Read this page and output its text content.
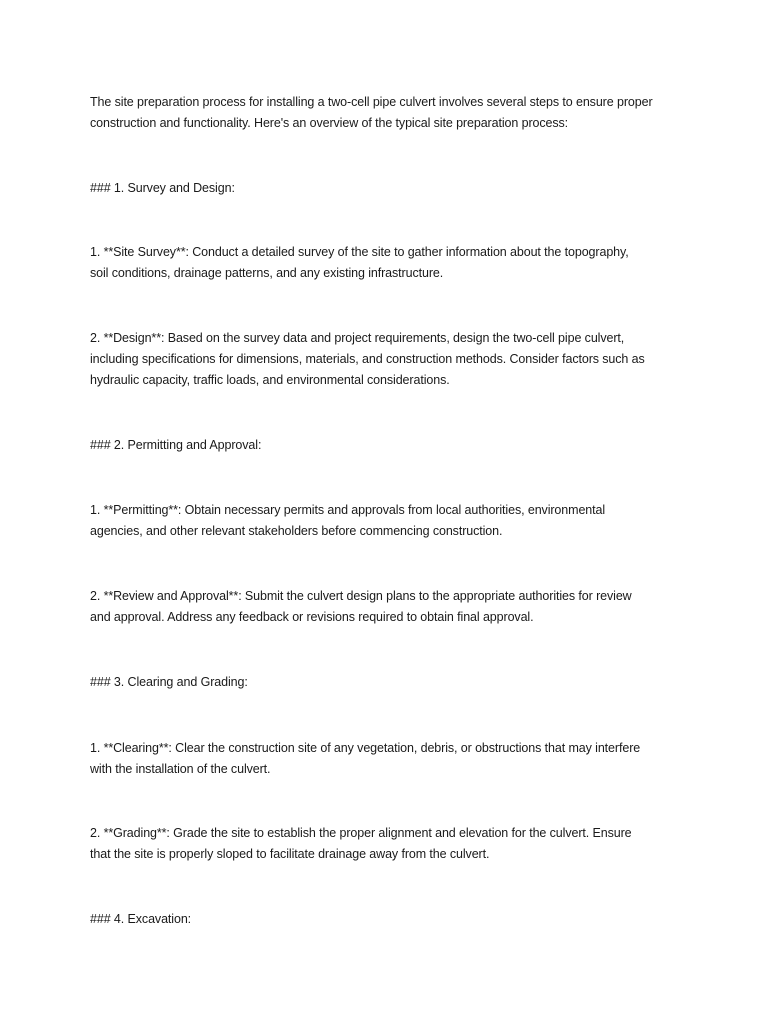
The site preparation process for installing a two-cell pipe culvert involves several steps to ensure proper
construction and functionality. Here's an overview of the typical site preparation process:

### 1. Survey and Design:

1. **Site Survey**: Conduct a detailed survey of the site to gather information about the topography,
soil conditions, drainage patterns, and any existing infrastructure.

2. **Design**: Based on the survey data and project requirements, design the two-cell pipe culvert,
including specifications for dimensions, materials, and construction methods. Consider factors such as
hydraulic capacity, traffic loads, and environmental considerations.

### 2. Permitting and Approval:

1. **Permitting**: Obtain necessary permits and approvals from local authorities, environmental
agencies, and other relevant stakeholders before commencing construction.

2. **Review and Approval**: Submit the culvert design plans to the appropriate authorities for review
and approval. Address any feedback or revisions required to obtain final approval.

### 3. Clearing and Grading:

1. **Clearing**: Clear the construction site of any vegetation, debris, or obstructions that may interfere
with the installation of the culvert.

2. **Grading**: Grade the site to establish the proper alignment and elevation for the culvert. Ensure
that the site is properly sloped to facilitate drainage away from the culvert.

### 4. Excavation:
